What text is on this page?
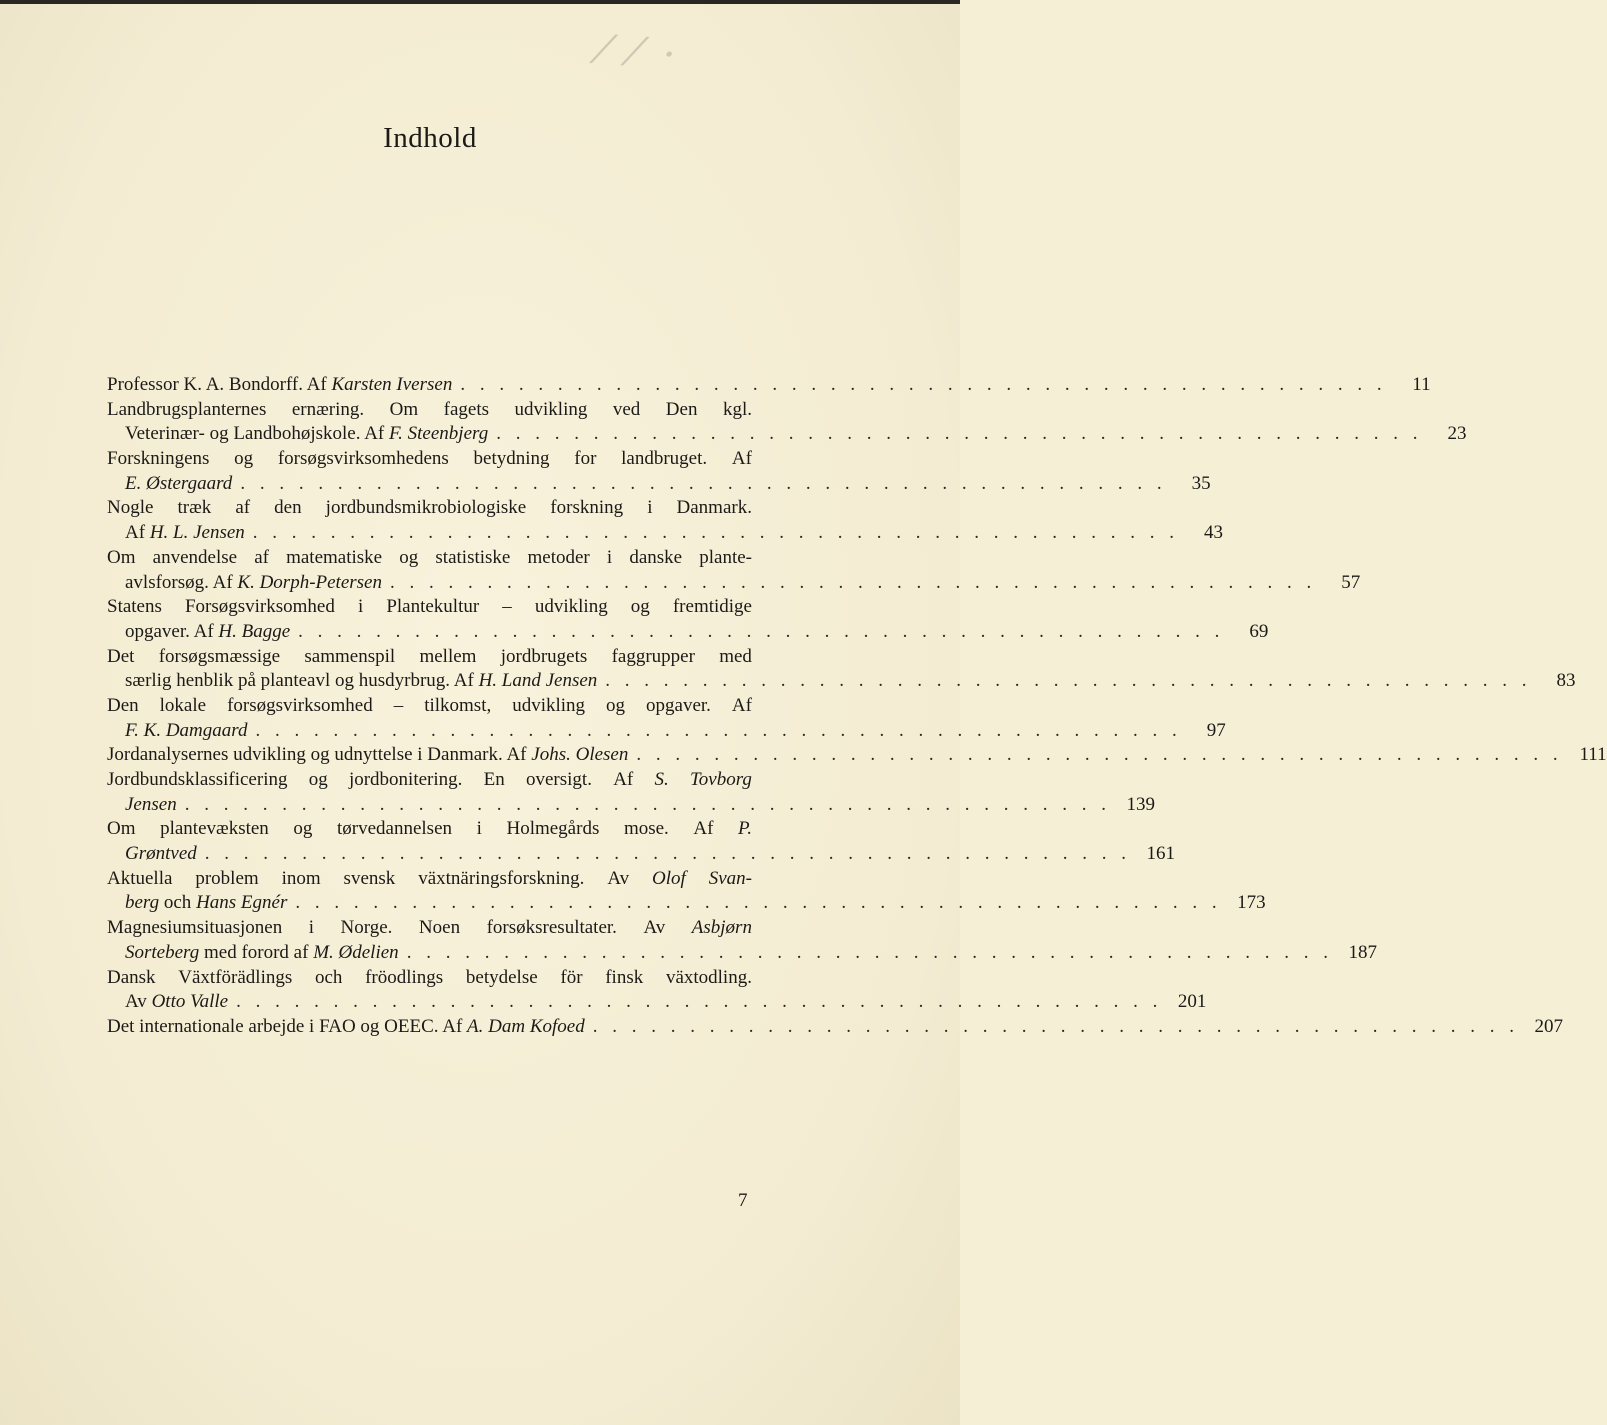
⁄ ⁄ ·
Indhold
Professor K. A. Bondorff. Af Karsten Iversen . . . . . . . . . . . . . . . . . . . . . . . . . . . . . . . . . . . . . . . . . . . . . . . .	11
Landbrugsplanternes ernæring. Om fagets udvikling ved Den kgl.
Veterinær- og Landbohøjskole. Af F. Steenbjerg . . . . . . . . . . . . . . . . . . . . . . . . . . . . . . . . . . . . . . . . . . . . . . . .	23
Forskningens og forsøgsvirksomhedens betydning for landbruget. Af
E. Østergaard . . . . . . . . . . . . . . . . . . . . . . . . . . . . . . . . . . . . . . . . . . . . . . . .	35
Nogle træk af den jordbundsmikrobiologiske forskning i Danmark.
Af H. L. Jensen . . . . . . . . . . . . . . . . . . . . . . . . . . . . . . . . . . . . . . . . . . . . . . . .	43
Om anvendelse af matematiske og statistiske metoder i danske plante-
avlsforsøg. Af K. Dorph-Petersen . . . . . . . . . . . . . . . . . . . . . . . . . . . . . . . . . . . . . . . . . . . . . . . .	57
Statens Forsøgsvirksomhed i Plantekultur – udvikling og fremtidige
opgaver. Af H. Bagge . . . . . . . . . . . . . . . . . . . . . . . . . . . . . . . . . . . . . . . . . . . . . . . .	69
Det forsøgsmæssige sammenspil mellem jordbrugets faggrupper med
særlig henblik på planteavl og husdyrbrug. Af H. Land Jensen . . . . . . . . . . . . . . . . . . . . . . . . . . . . . . . . . . . . . . . . . . . . . . . .	83
Den lokale forsøgsvirksomhed – tilkomst, udvikling og opgaver. Af
F. K. Damgaard . . . . . . . . . . . . . . . . . . . . . . . . . . . . . . . . . . . . . . . . . . . . . . . .	97
Jordanalysernes udvikling og udnyttelse i Danmark. Af Johs. Olesen . . . . . . . . . . . . . . . . . . . . . . . . . . . . . . . . . . . . . . . . . . . . . . . . 111
Jordbundsklassificering og jordbonitering. En oversigt. Af S. Tovborg
Jensen . . . . . . . . . . . . . . . . . . . . . . . . . . . . . . . . . . . . . . . . . . . . . . . . 139
Om plantevæksten og tørvedannelsen i Holmegårds mose. Af P.
Grøntved . . . . . . . . . . . . . . . . . . . . . . . . . . . . . . . . . . . . . . . . . . . . . . . . 161
Aktuella problem inom svensk växtnäringsforskning. Av Olof Svan-
berg och Hans Egnér . . . . . . . . . . . . . . . . . . . . . . . . . . . . . . . . . . . . . . . . . . . . . . . . 173
Magnesiumsituasjonen i Norge. Noen forsøksresultater. Av Asbjørn
Sorteberg med forord af M. Ødelien . . . . . . . . . . . . . . . . . . . . . . . . . . . . . . . . . . . . . . . . . . . . . . . . 187
Dansk Växtförädlings och fröodlings betydelse för finsk växtodling.
Av Otto Valle . . . . . . . . . . . . . . . . . . . . . . . . . . . . . . . . . . . . . . . . . . . . . . . . 201
Det internationale arbejde i FAO og OEEC. Af A. Dam Kofoed . . . . . . . . . . . . . . . . . . . . . . . . . . . . . . . . . . . . . . . . . . . . . . . . 207
7
